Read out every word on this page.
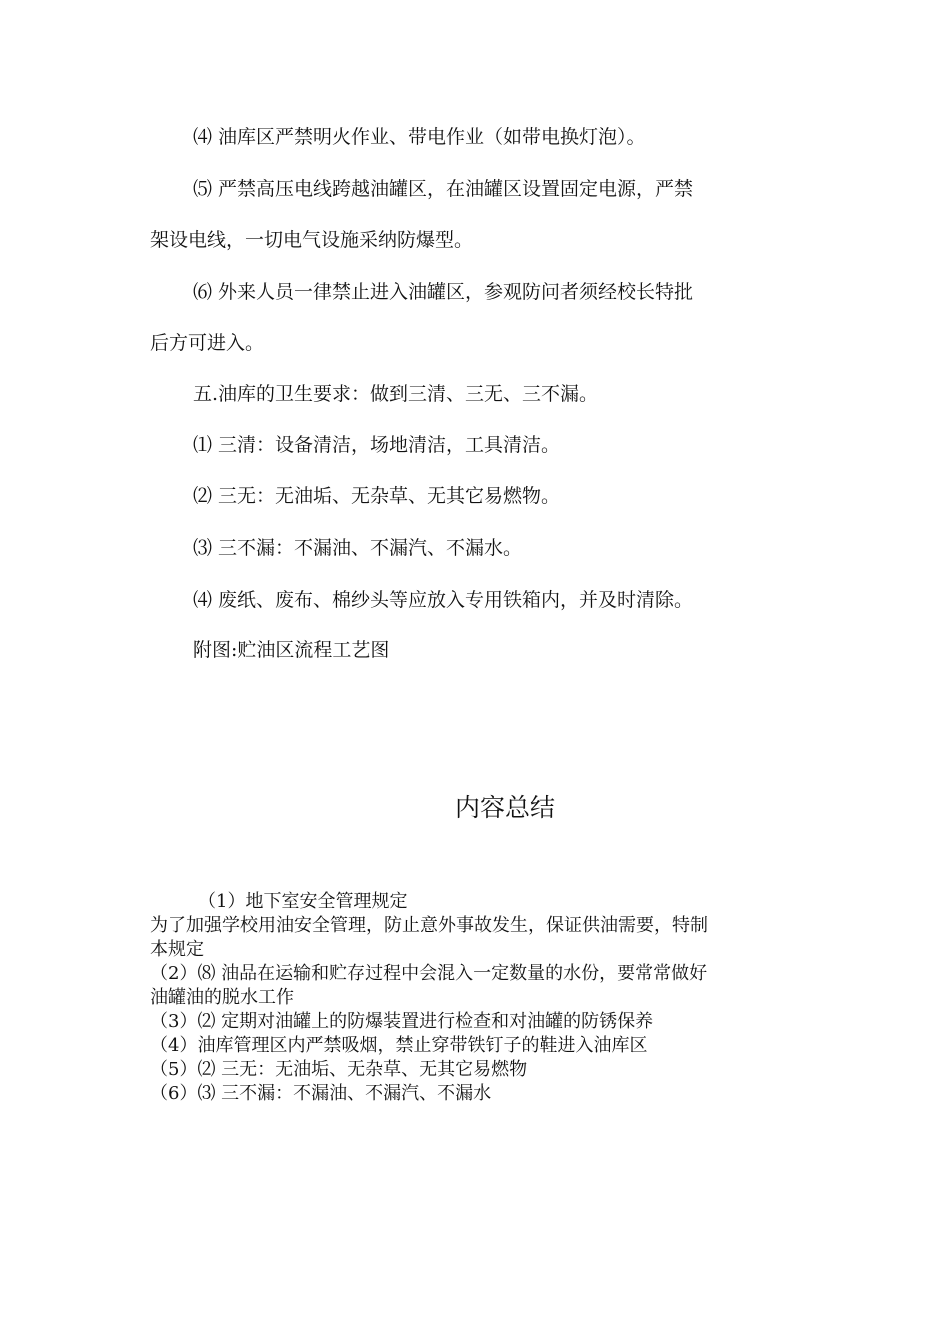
⑷ 油库区严禁明火作业、带电作业（如带电换灯泡）。

⑸ 严禁高压电线跨越油罐区，在油罐区设置固定电源，严禁

架设电线，一切电气设施采纳防爆型。

⑹ 外来人员一律禁止进入油罐区，参观防问者须经校长特批

后方可进入。

五.油库的卫生要求：做到三清、三无、三不漏。

⑴ 三清：设备清洁，场地清洁，工具清洁。

⑵ 三无：无油垢、无杂草、无其它易燃物。

⑶ 三不漏：不漏油、不漏汽、不漏水。

⑷ 废纸、废布、棉纱头等应放入专用铁箱内，并及时清除。

附图:贮油区流程工艺图

内容总结
（1）地下室安全管理规定
为了加强学校用油安全管理，防止意外事故发生，保证供油需要，特制
本规定
（2）⑻ 油品在运输和贮存过程中会混入一定数量的水份，要常常做好
油罐油的脱水工作
（3）⑵ 定期对油罐上的防爆装置进行检查和对油罐的防锈保养
（4）油库管理区内严禁吸烟，禁止穿带铁钉子的鞋进入油库区
（5）⑵ 三无：无油垢、无杂草、无其它易燃物
（6）⑶ 三不漏：不漏油、不漏汽、不漏水
